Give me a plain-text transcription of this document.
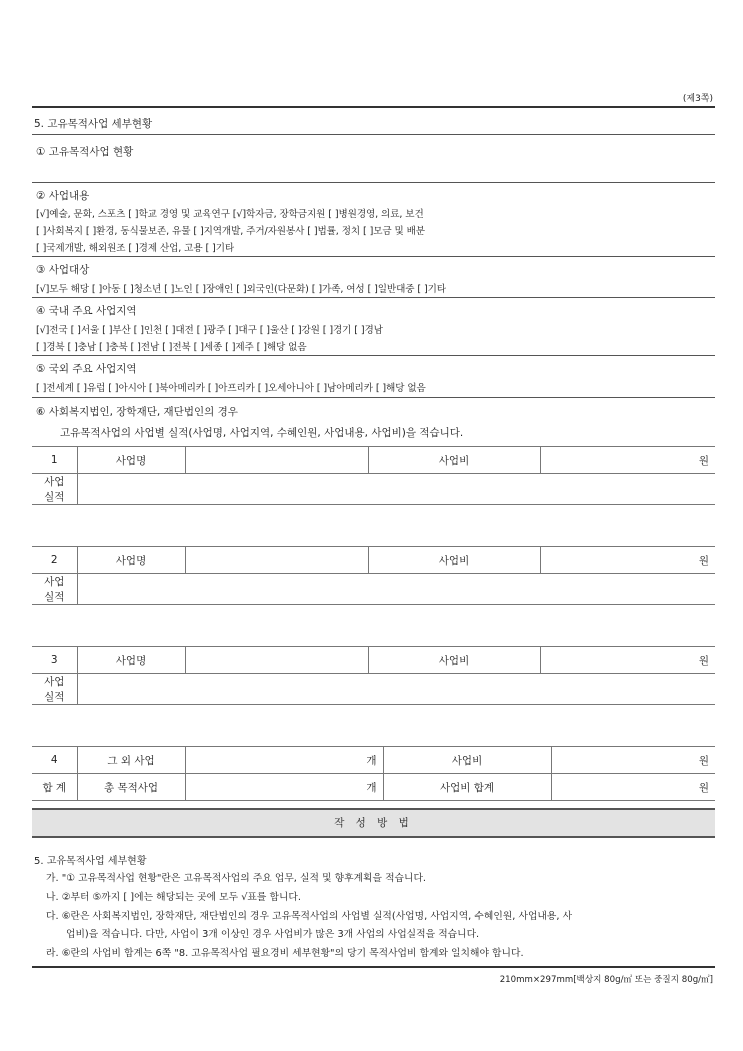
(제3쪽)
5. 고유목적사업 세부현황
① 고유목적사업 현황
② 사업내용
[√]예술, 문화, 스포츠 [ ]학교 경영 및 교육연구 [√]학자금, 장학금지원 [ ]병원경영, 의료, 보건
[ ]사회복지 [ ]환경, 동식물보존, 유물 [ ]지역개발, 주거/자원봉사 [ ]법률, 정치 [ ]모금 및 배분
[ ]국제개발, 해외원조 [ ]경제 산업, 고용 [ ]기타
③ 사업대상
[√]모두 해당 [ ]아동 [ ]청소년 [ ]노인 [ ]장애인 [ ]외국인(다문화) [ ]가족, 여성 [ ]일반대중 [ ]기타
④ 국내 주요 사업지역
[√]전국 [ ]서울 [ ]부산 [ ]인천 [ ]대전 [ ]광주 [ ]대구 [ ]울산 [ ]강원 [ ]경기 [ ]경남
[ ]경북 [ ]충남 [ ]충북 [ ]전남 [ ]전북 [ ]세종 [ ]제주 [ ]해당 없음
⑤ 국외 주요 사업지역
[ ]전세계 [ ]유럽 [ ]아시아 [ ]북아메리카 [ ]아프리카 [ ]오세아니아 [ ]남아메리카 [ ]해당 없음
⑥ 사회복지법인, 장학재단, 재단법인의 경우
고유목적사업의 사업별 실적(사업명, 사업지역, 수혜인원, 사업내용, 사업비)을 적습니다.
1	사업명		사업비	원
사업
실적				
2	사업명		사업비	원
사업
실적				
3	사업명		사업비	원
사업
실적				
4	그 외 사업	개	사업비	원
합 계	총 목적사업	개	사업비 합계	원
작 성 방 법
5. 고유목적사업 세부현황
가. "① 고유목적사업 현황"란은 고유목적사업의 주요 업무, 실적 및 향후계획을 적습니다.
나. ②부터 ⑤까지 [ ]에는 해당되는 곳에 모두 √표를 합니다.
다. ⑥란은 사회복지법인, 장학재단, 재단법인의 경우 고유목적사업의 사업별 실적(사업명, 사업지역, 수혜인원, 사업내용, 사
업비)을 적습니다. 다만, 사업이 3개 이상인 경우 사업비가 많은 3개 사업의 사업실적을 적습니다.
라. ⑥란의 사업비 합계는 6쪽 "8. 고유목적사업 필요경비 세부현황"의 당기 목적사업비 합계와 일치해야 합니다.
210mm×297mm[백상지 80g/㎡ 또는 중질지 80g/㎡]
